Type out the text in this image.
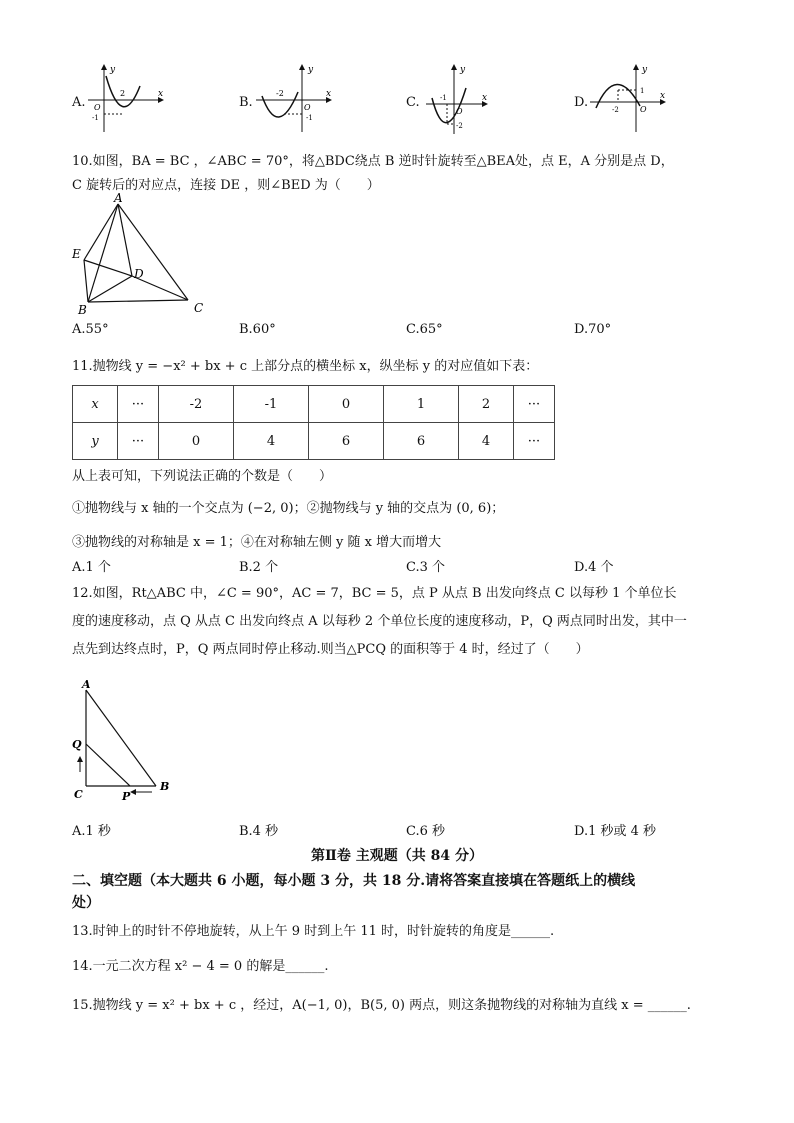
A.
y
x
O
2
-1
B.
y
x
O
-2
-1
C.
y
x
O
-1
-2
D.
y
x
O
-2
1
10.如图，BA = BC ，∠ABC = 70°，将△BDC绕点 B 逆时针旋转至△BEA处，点 E，A 分别是点 D，
C 旋转后的对应点，连接 DE ，则∠BED 为（　　）
A
E
D
B	C
A.55°	B.60°	C.65°	D.70°
11.抛物线 y = −x² + bx + c 上部分点的横坐标 x，纵坐标 y 的对应值如下表：
x	···	-2	-1	0	1	2	···
y	···	0	4	6	6	4	···
从上表可知，下列说法正确的个数是（　　）
①抛物线与 x 轴的一个交点为 (−2, 0)；②抛物线与 y 轴的交点为 (0, 6)；
③抛物线的对称轴是 x = 1；④在对称轴左侧 y 随 x 增大而增大
A.1 个	B.2 个	C.3 个	D.4 个
12.如图，Rt△ABC 中，∠C = 90°，AC = 7，BC = 5，点 P 从点 B 出发向终点 C 以每秒 1 个单位长
度的速度移动，点 Q 从点 C 出发向终点 A 以每秒 2 个单位长度的速度移动，P，Q 两点同时出发，其中一
点先到达终点时，P，Q 两点同时停止移动.则当△PCQ 的面积等于 4 时，经过了（　　）
A
Q
C	P
B
A.1 秒	B.4 秒	C.6 秒	D.1 秒或 4 秒
第Ⅱ卷 主观题（共 84 分）
二、填空题（本大题共 6 小题，每小题 3 分，共 18 分.请将答案直接填在答题纸上的横线
处）
13.时钟上的时针不停地旋转，从上午 9 时到上午 11 时，时针旋转的角度是______.
14.一元二次方程 x² − 4 = 0 的解是______.
15.抛物线 y = x² + bx + c ，经过，A(−1, 0)，B(5, 0) 两点，则这条抛物线的对称轴为直线 x = ______.
